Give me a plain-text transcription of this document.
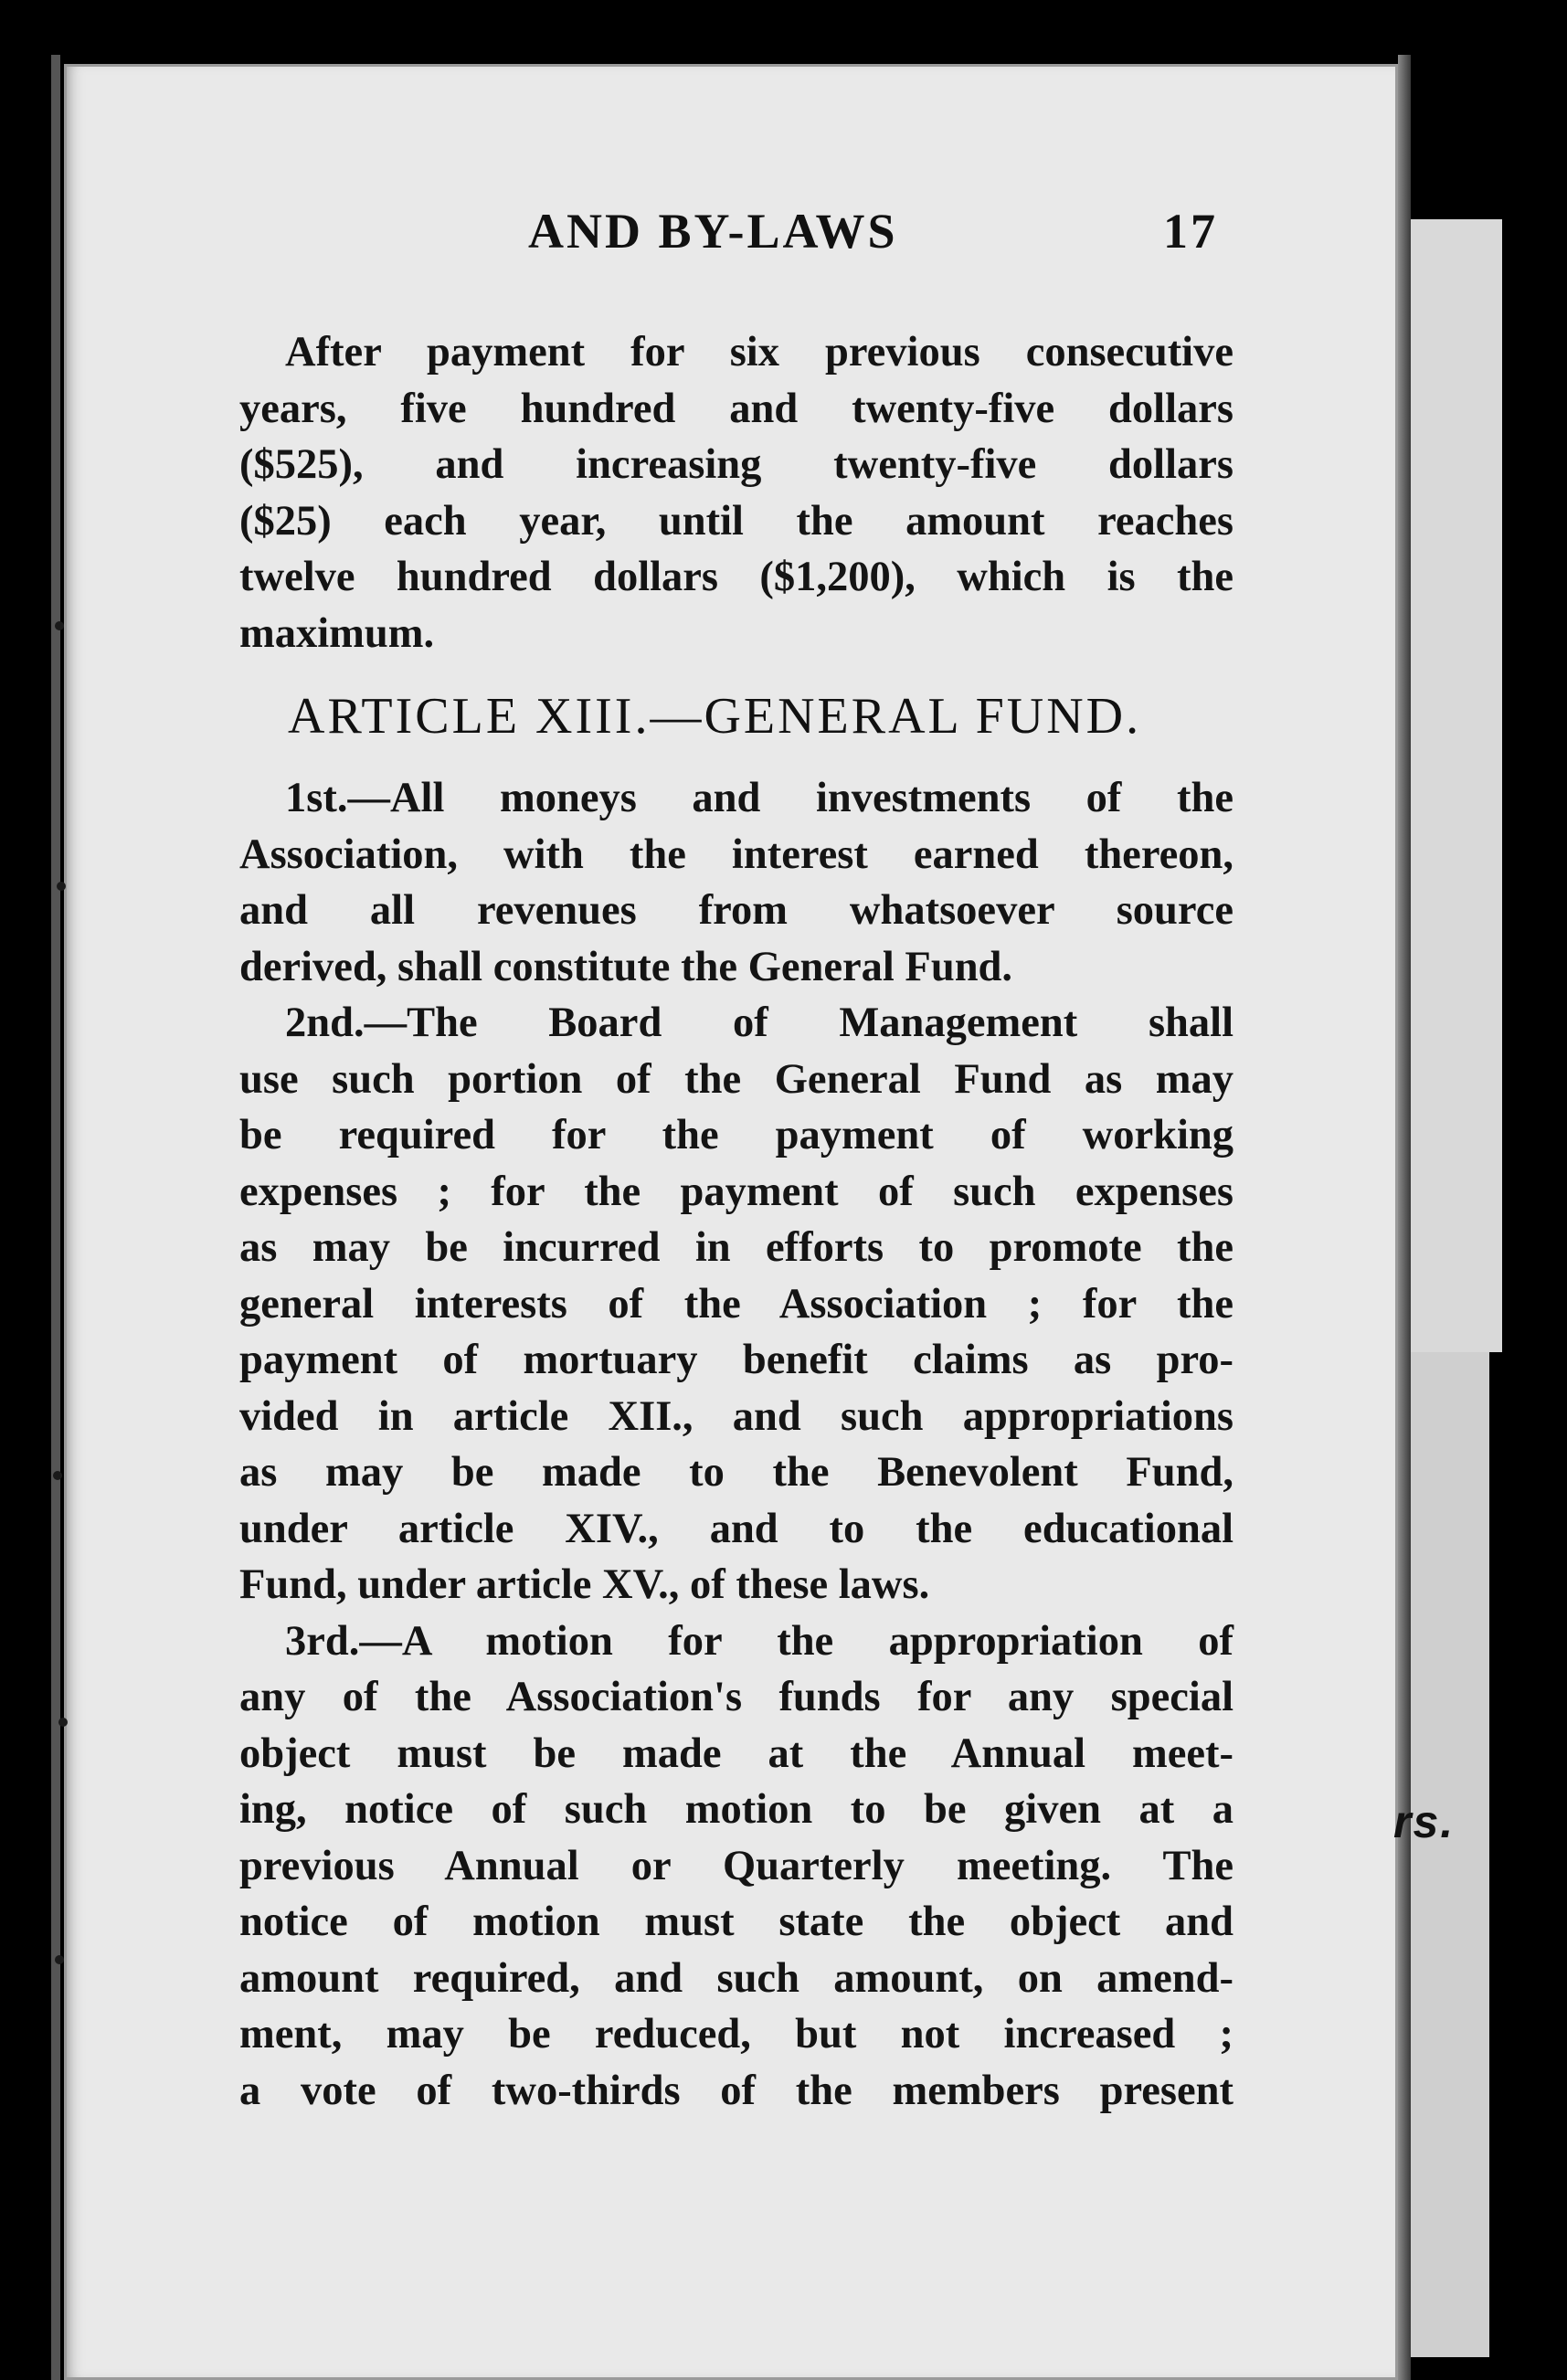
rs.
AND BY-LAWS	17
After payment for six previous consecutive
years, five hundred and twenty-five dollars
($525), and increasing twenty-five dollars
($25) each year, until the amount reaches
twelve hundred dollars ($1,200), which is the
maximum.
ARTICLE XIII.—GENERAL FUND.
1st.—All moneys and investments of the
Association, with the interest earned thereon,
and all revenues from whatsoever source
derived, shall constitute the General Fund.
2nd.—The Board of Management shall
use such portion of the General Fund as may
be required for the payment of working
expenses ; for the payment of such expenses
as may be incurred in efforts to promote the
general interests of the Association ; for the
payment of mortuary benefit claims as pro-
vided in article XII., and such appropriations
as may be made to the Benevolent Fund,
under article XIV., and to the educational
Fund, under article XV., of these laws.
3rd.—A motion for the appropriation of
any of the Association's funds for any special
object must be made at the Annual meet-
ing, notice of such motion to be given at a
previous Annual or Quarterly meeting. The
notice of motion must state the object and
amount required, and such amount, on amend-
ment, may be reduced, but not increased ;
a vote of two-thirds of the members present
